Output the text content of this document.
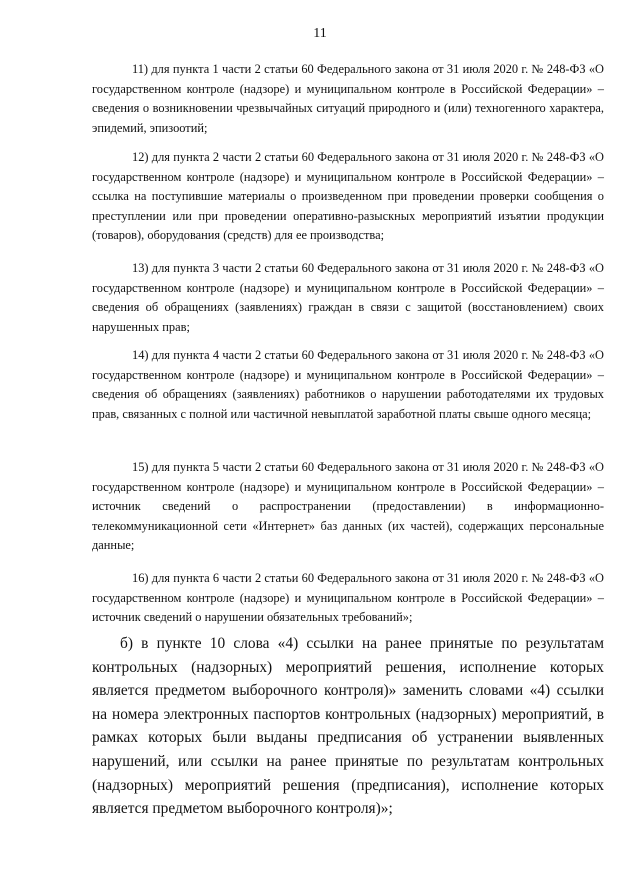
11

11) для пункта 1 части 2 статьи 60 Федерального закона от 31 июля 2020 г. № 248-ФЗ «О государственном контроле (надзоре) и муниципальном контроле в Российской Федерации» – сведения о возникновении чрезвычайных ситуаций природного и (или) техногенного характера, эпидемий, эпизоотий;

12) для пункта 2 части 2 статьи 60 Федерального закона от 31 июля 2020 г. № 248-ФЗ «О государственном контроле (надзоре) и муниципальном контроле в Российской Федерации» – ссылка на поступившие материалы о произведенном при проведении проверки сообщения о преступлении или при проведении оперативно-разыскных мероприятий изъятии продукции (товаров), оборудования (средств) для ее производства;

13) для пункта 3 части 2 статьи 60 Федерального закона от 31 июля 2020 г. № 248-ФЗ «О государственном контроле (надзоре) и муниципальном контроле в Российской Федерации» – сведения об обращениях (заявлениях) граждан в связи с защитой (восстановлением) своих нарушенных прав;

14) для пункта 4 части 2 статьи 60 Федерального закона от 31 июля 2020 г. № 248-ФЗ «О государственном контроле (надзоре) и муниципальном контроле в Российской Федерации» – сведения об обращениях (заявлениях) работников о нарушении работодателями их трудовых прав, связанных с полной или частичной невыплатой заработной платы свыше одного месяца;

15) для пункта 5 части 2 статьи 60 Федерального закона от 31 июля 2020 г. № 248-ФЗ «О государственном контроле (надзоре) и муниципальном контроле в Российской Федерации» – источник сведений о распространении (предоставлении) в информационно-телекоммуникационной сети «Интернет» баз данных (их частей), содержащих персональные данные;

16) для пункта 6 части 2 статьи 60 Федерального закона от 31 июля 2020 г. № 248-ФЗ «О государственном контроле (надзоре) и муниципальном контроле в Российской Федерации» – источник сведений о нарушении обязательных требований»;

б) в пункте 10 слова «4) ссылки на ранее принятые по результатам контрольных (надзорных) мероприятий решения, исполнение которых является предметом выборочного контроля)» заменить словами «4) ссылки на номера электронных паспортов контрольных (надзорных) мероприятий, в рамках которых были выданы предписания об устранении выявленных нарушений, или ссылки на ранее принятые по результатам контрольных (надзорных) мероприятий решения (предписания), исполнение которых является предметом выборочного контроля)»;
